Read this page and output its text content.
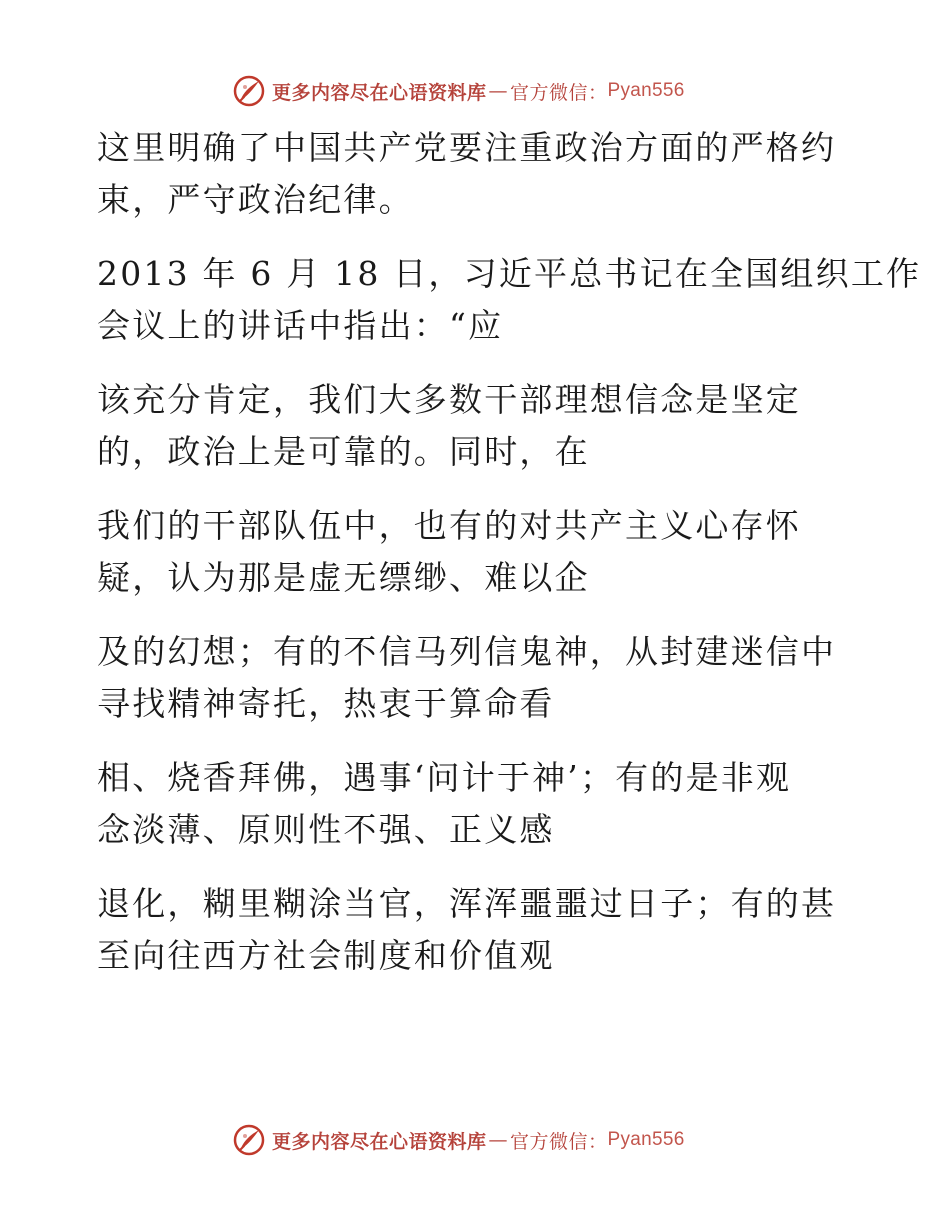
更多内容尽在心语资料库 — 官方微信： Pyan556
这里明确了中国共产党要注重政治方面的严格约
束，严守政治纪律。
2013 年 6 月 18 日，习近平总书记在全国组织工作
会议上的讲话中指出：“应
该充分肯定，我们大多数干部理想信念是坚定
的，政治上是可靠的。同时，在
我们的干部队伍中，也有的对共产主义心存怀
疑，认为那是虚无缥缈、难以企
及的幻想；有的不信马列信鬼神，从封建迷信中
寻找精神寄托，热衷于算命看
相、烧香拜佛，遇事‘问计于神’；有的是非观
念淡薄、原则性不强、正义感
退化，糊里糊涂当官，浑浑噩噩过日子；有的甚
至向往西方社会制度和价值观
更多内容尽在心语资料库 — 官方微信： Pyan556
